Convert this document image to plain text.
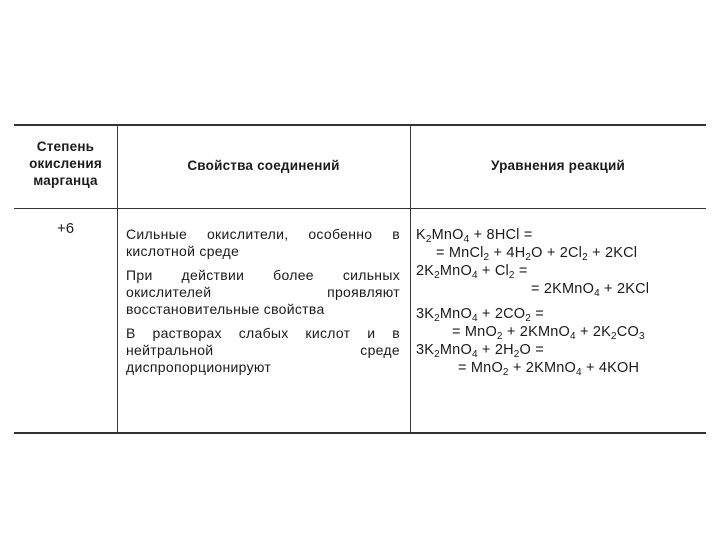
Степень
окисления
марганца
Свойства соединений	Уравнения реакций
+6	Сильные окислители, особенно в кислотной среде
При действии более сильных окислителей проявляют восстановительные свойства
В растворах слабых кислот и в нейтральной среде диспропорционируют
$K_2MnO_4 + 8HCl$ =
= MnCl$_2$ + $4H_2O + 2Cl_2 + 2KCl$
$2K_2MnO_4 + Cl_2$ =
= 2KMnO$_4$ + 2KCl
$3K_2MnO_4 + 2CO_2$ =
= MnO$_2$ + 2KMnO$_4$ + $2K_2CO_3$
$3K_2MnO_4 + 2H_2O$ =
= MnO$_2$ + 2KMnO$_4$ + 4KOH
